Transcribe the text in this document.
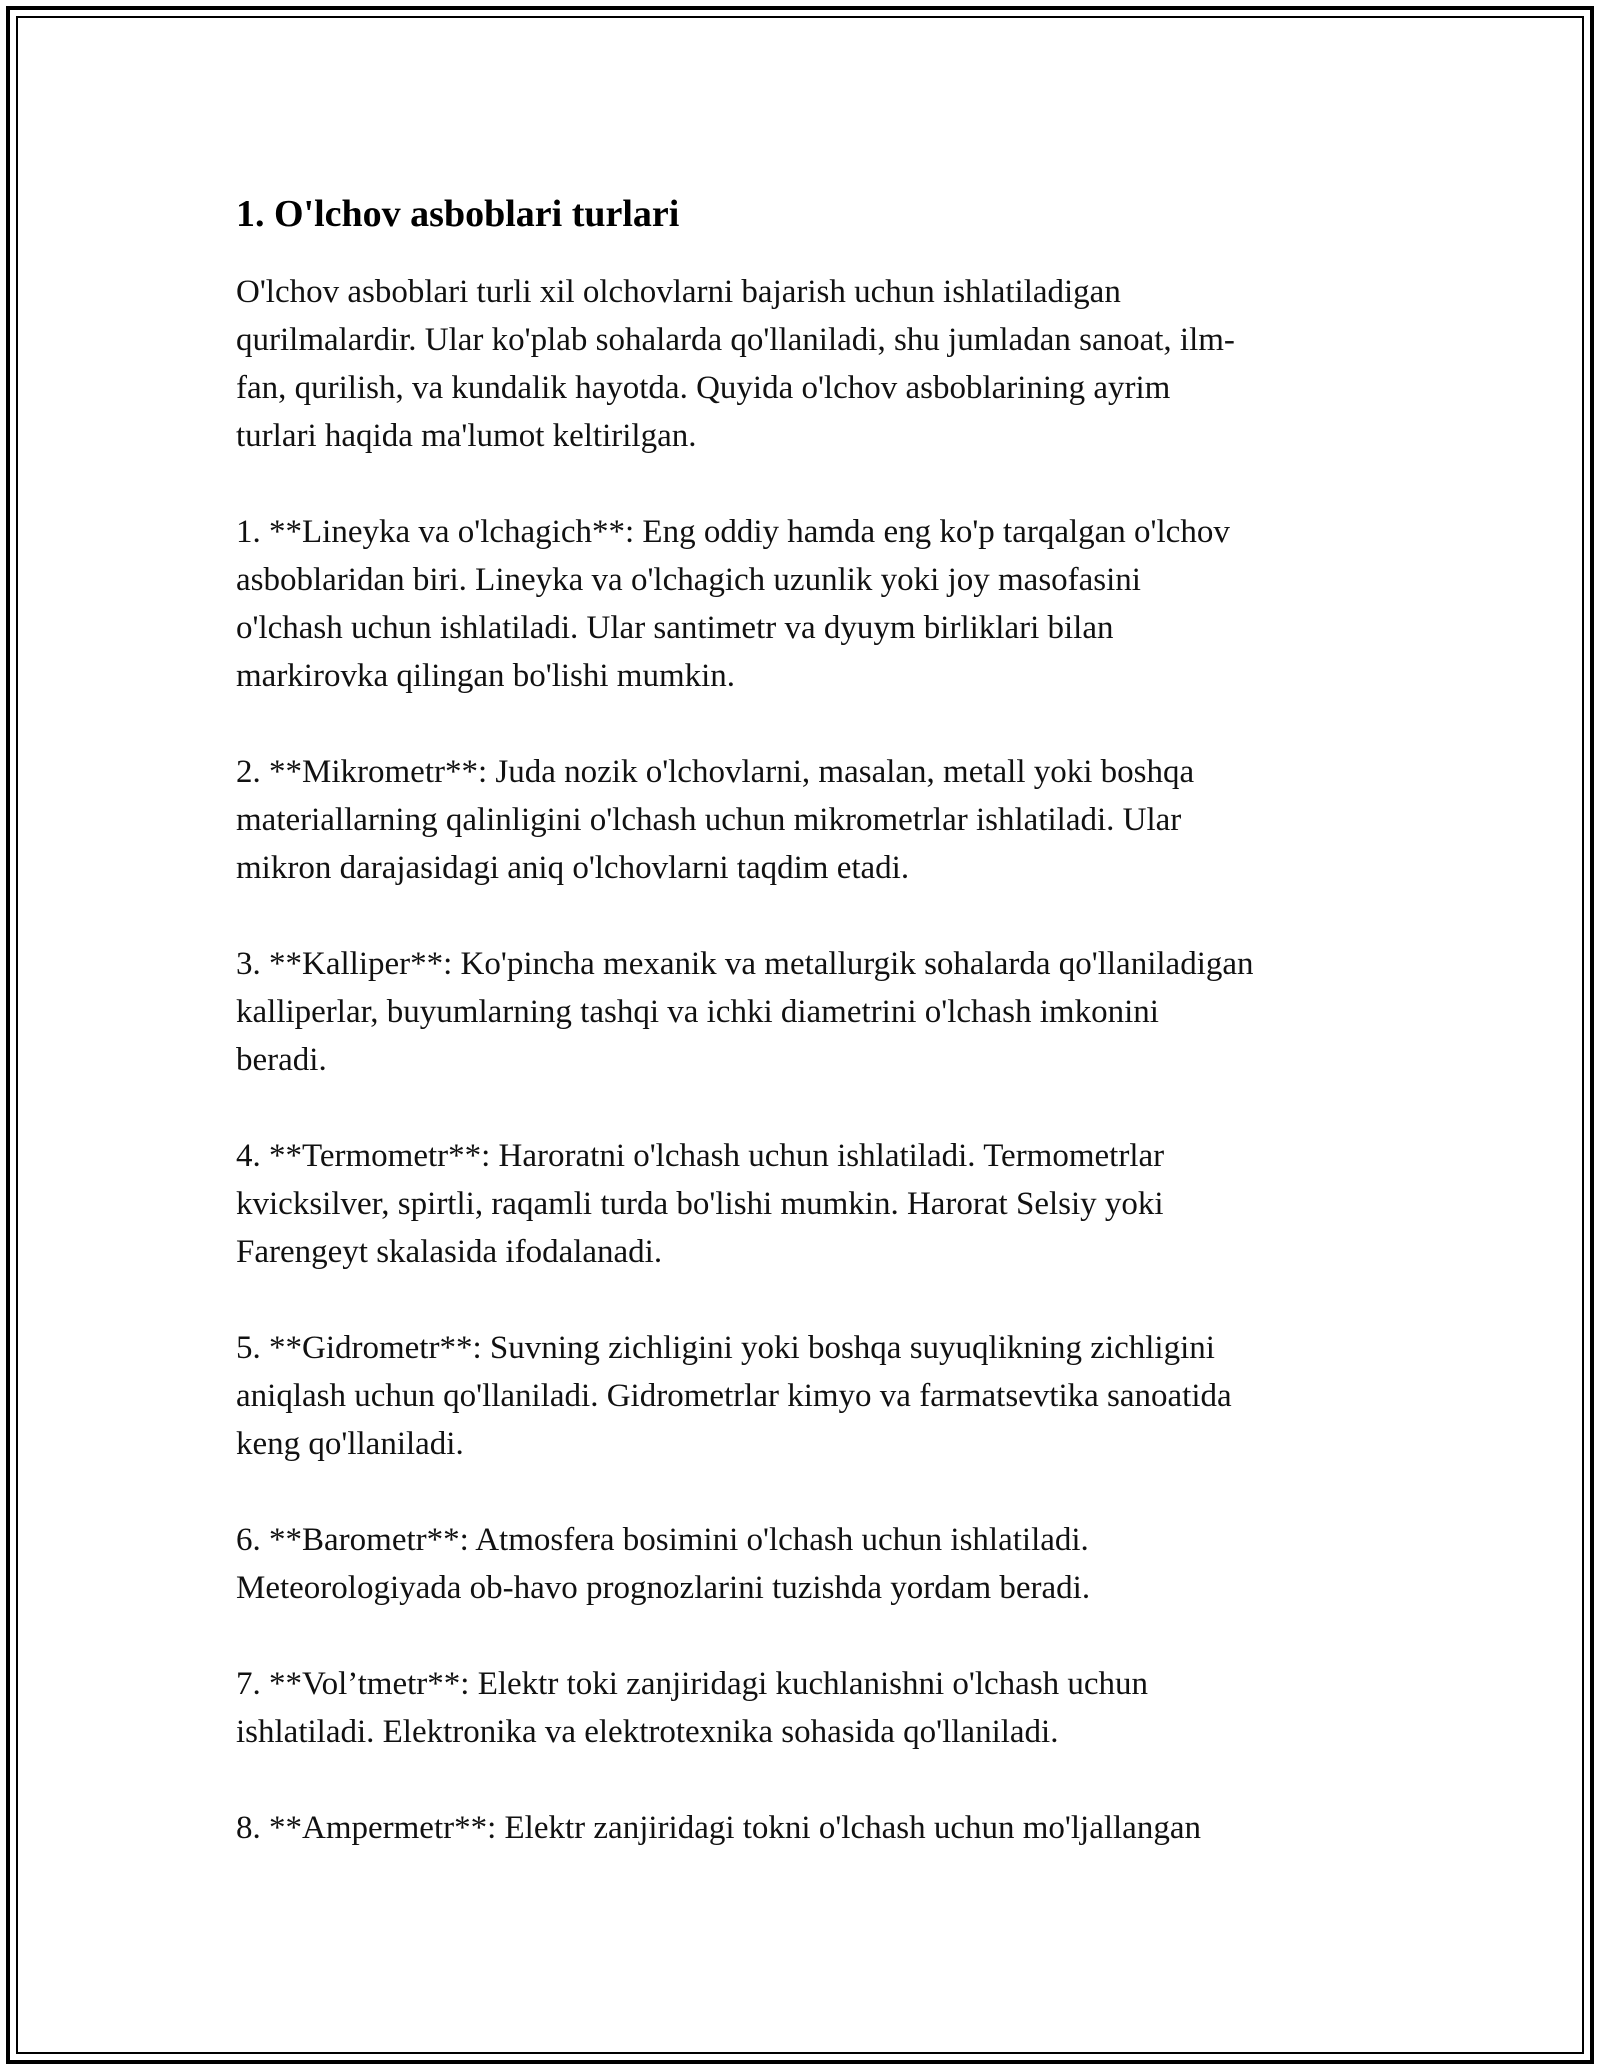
1. O'lchov asboblari turlari

O'lchov asboblari turli xil olchovlarni bajarish uchun ishlatiladigan
qurilmalardir. Ular ko'plab sohalarda qo'llaniladi, shu jumladan sanoat, ilm-
fan, qurilish, va kundalik hayotda. Quyida o'lchov asboblarining ayrim
turlari haqida ma'lumot keltirilgan.

1. **Lineyka va o'lchagich**: Eng oddiy hamda eng ko'p tarqalgan o'lchov
asboblaridan biri. Lineyka va o'lchagich uzunlik yoki joy masofasini
o'lchash uchun ishlatiladi. Ular santimetr va dyuym birliklari bilan
markirovka qilingan bo'lishi mumkin.

2. **Mikrometr**: Juda nozik o'lchovlarni, masalan, metall yoki boshqa
materiallarning qalinligini o'lchash uchun mikrometrlar ishlatiladi. Ular
mikron darajasidagi aniq o'lchovlarni taqdim etadi.

3. **Kalliper**: Ko'pincha mexanik va metallurgik sohalarda qo'llaniladigan
kalliperlar, buyumlarning tashqi va ichki diametrini o'lchash imkonini
beradi.

4. **Termometr**: Haroratni o'lchash uchun ishlatiladi. Termometrlar
kvicksilver, spirtli, raqamli turda bo'lishi mumkin. Harorat Selsiy yoki
Farengeyt skalasida ifodalanadi.

5. **Gidrometr**: Suvning zichligini yoki boshqa suyuqlikning zichligini
aniqlash uchun qo'llaniladi. Gidrometrlar kimyo va farmatsevtika sanoatida
keng qo'llaniladi.

6. **Barometr**: Atmosfera bosimini o'lchash uchun ishlatiladi.
Meteorologiyada ob-havo prognozlarini tuzishda yordam beradi.

7. **Vol’tmetr**: Elektr toki zanjiridagi kuchlanishni o'lchash uchun
ishlatiladi. Elektronika va elektrotexnika sohasida qo'llaniladi.

8. **Ampermetr**: Elektr zanjiridagi tokni o'lchash uchun mo'ljallangan
